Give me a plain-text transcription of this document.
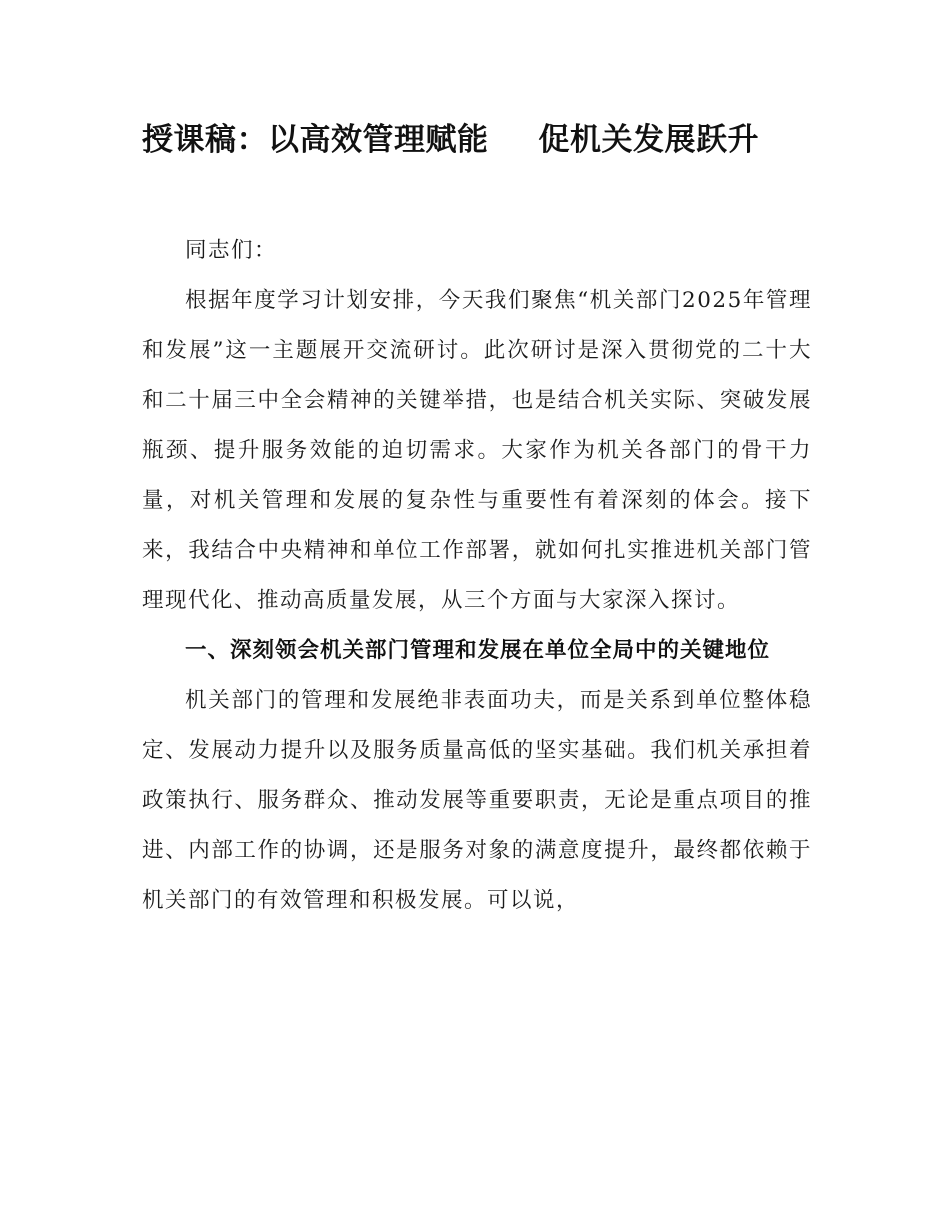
授课稿：以高效管理赋能 促机关发展跃升

同志们：

根据年度学习计划安排，今天我们聚焦“机关部门2025年管理和发展”这一主题展开交流研讨。此次研讨是深入贯彻党的二十大和二十届三中全会精神的关键举措，也是结合机关实际、突破发展瓶颈、提升服务效能的迫切需求。大家作为机关各部门的骨干力量，对机关管理和发展的复杂性与重要性有着深刻的体会。接下来，我结合中央精神和单位工作部署，就如何扎实推进机关部门管理现代化、推动高质量发展，从三个方面与大家深入探讨。

一、深刻领会机关部门管理和发展在单位全局中的关键地位

机关部门的管理和发展绝非表面功夫，而是关系到单位整体稳定、发展动力提升以及服务质量高低的坚实基础。我们机关承担着政策执行、服务群众、推动发展等重要职责，无论是重点项目的推进、内部工作的协调，还是服务对象的满意度提升，最终都依赖于机关部门的有效管理和积极发展。可以说，
